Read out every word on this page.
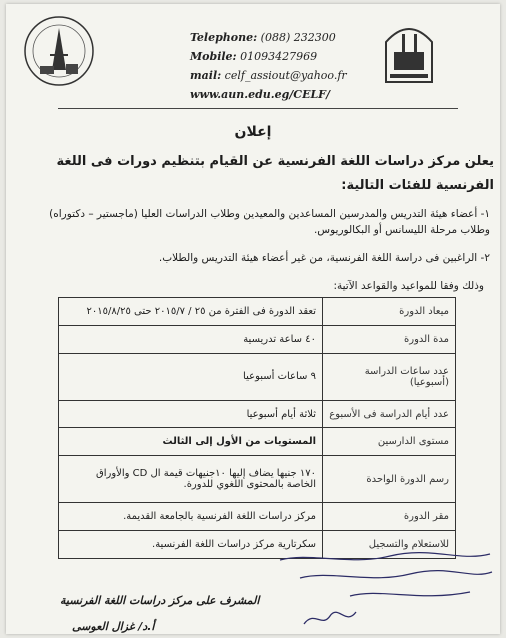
Telephone: (088) 232300
Mobile: 01093427969
mail: celf_assiout@yahoo.fr
www.aun.edu.eg/CELF/
إعلان
يعلن مركز دراسات اللغة الفرنسية عن القيام بتنظيم دورات فى اللغة الفرنسية للفئات التالية:
١- أعضاء هيئة التدريس والمدرسين المساعدين والمعيدين وطلاب الدراسات العليا (ماجستير – دكتوراه) وطلاب مرحلة الليسانس أو البكالوريوس.
٢- الراغبين فى دراسة اللغة الفرنسية، من غير أعضاء هيئة التدريس والطلاب.
وذلك وفقا للمواعيد والقواعد الآتية:
ميعاد الدورة	تعقد الدورة فى الفترة من ٢٥ / ٢٠١٥/٧ حتى ٢٠١٥/٨/٢٥
مدة الدورة	٤٠ ساعة تدريسية
عدد ساعات الدراسة (أسبوعيا)	٩ ساعات أسبوعيا
عدد أيام الدراسة فى الأسبوع	ثلاثة أيام أسبوعيا
مستوى الدارسين	المستويات من الأول إلى الثالث
رسم الدورة الواحدة	١٧٠ جنيها يضاف إليها ١٠جنيهات قيمة ال CD والأوراق الخاصة بالمحتوى اللغوي للدورة.
مقر الدورة	مركز دراسات اللغة الفرنسية بالجامعة القديمة.
للاستعلام والتسجيل	سكرتارية مركز دراسات اللغة الفرنسية.
المشرف على مركز دراسات اللغة الفرنسية
أ.د/ غزال العوسى
